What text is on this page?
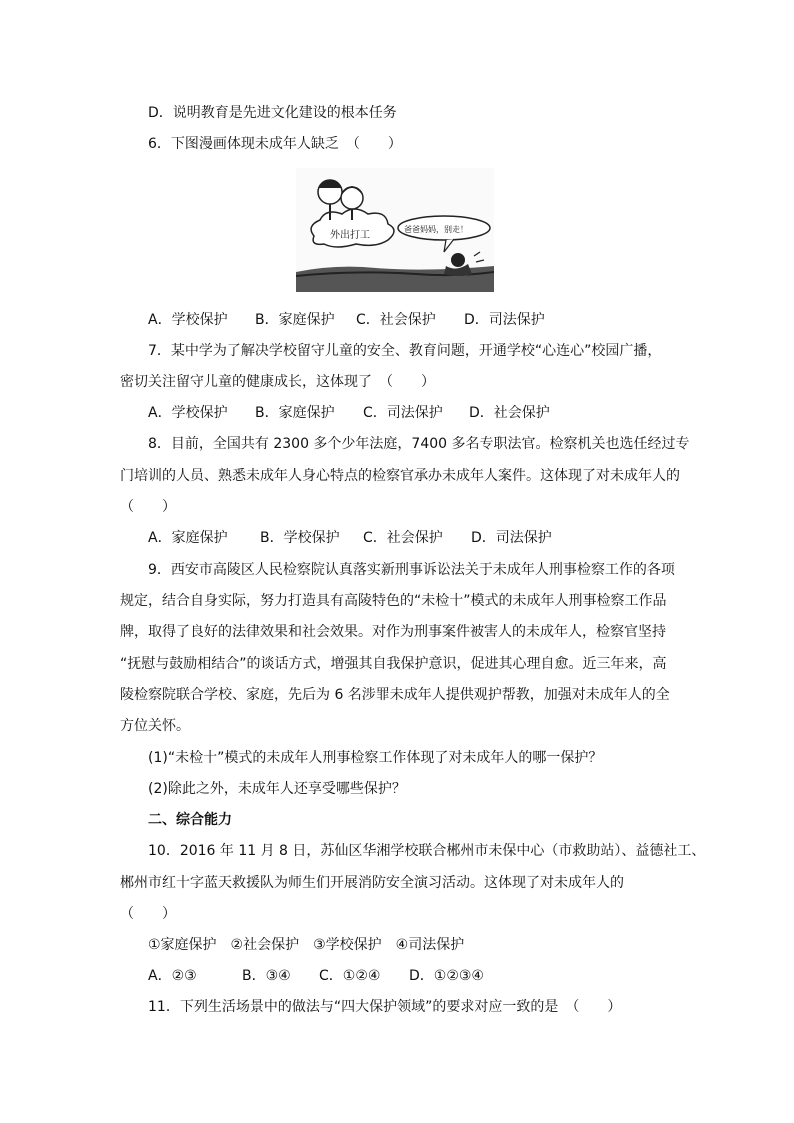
D．说明教育是先进文化建设的根本任务
6．下图漫画体现未成年人缺乏　（　　）
外出打工
爸爸妈妈，别走！
A．学校保护 B．家庭保护 C．社会保护 D．司法保护
7．某中学为了解决学校留守儿童的安全、教育问题，开通学校“心连心”校园广播，
密切关注留守儿童的健康成长，这体现了　（　　）
A．学校保护 B．家庭保护 C．司法保护 D．社会保护
8．目前，全国共有 2300 多个少年法庭，7400 多名专职法官。检察机关也选任经过专
门培训的人员、熟悉未成年人身心特点的检察官承办未成年人案件。这体现了对未成年人的
（　　）
A．家庭保护 B．学校保护 C．社会保护 D．司法保护
9．西安市高陵区人民检察院认真落实新刑事诉讼法关于未成年人刑事检察工作的各项
规定，结合自身实际，努力打造具有高陵特色的“未检十”模式的未成年人刑事检察工作品
牌，取得了良好的法律效果和社会效果。对作为刑事案件被害人的未成年人，检察官坚持
“抚慰与鼓励相结合”的谈话方式，增强其自我保护意识，促进其心理自愈。近三年来，高
陵检察院联合学校、家庭，先后为 6 名涉罪未成年人提供观护帮教，加强对未成年人的全
方位关怀。
(1)“未检十”模式的未成年人刑事检察工作体现了对未成年人的哪一保护？
(2)除此之外，未成年人还享受哪些保护？
二、综合能力
10．2016 年 11 月 8 日，苏仙区华湘学校联合郴州市未保中心（市救助站）、益德社工、
郴州市红十字蓝天救援队为师生们开展消防安全演习活动。这体现了对未成年人的
（　　）
①家庭保护　②社会保护　③学校保护　④司法保护
A．②③	B．③④ C．①②④ D．①②③④
11．下列生活场景中的做法与“四大保护领域”的要求对应一致的是　（　　）
